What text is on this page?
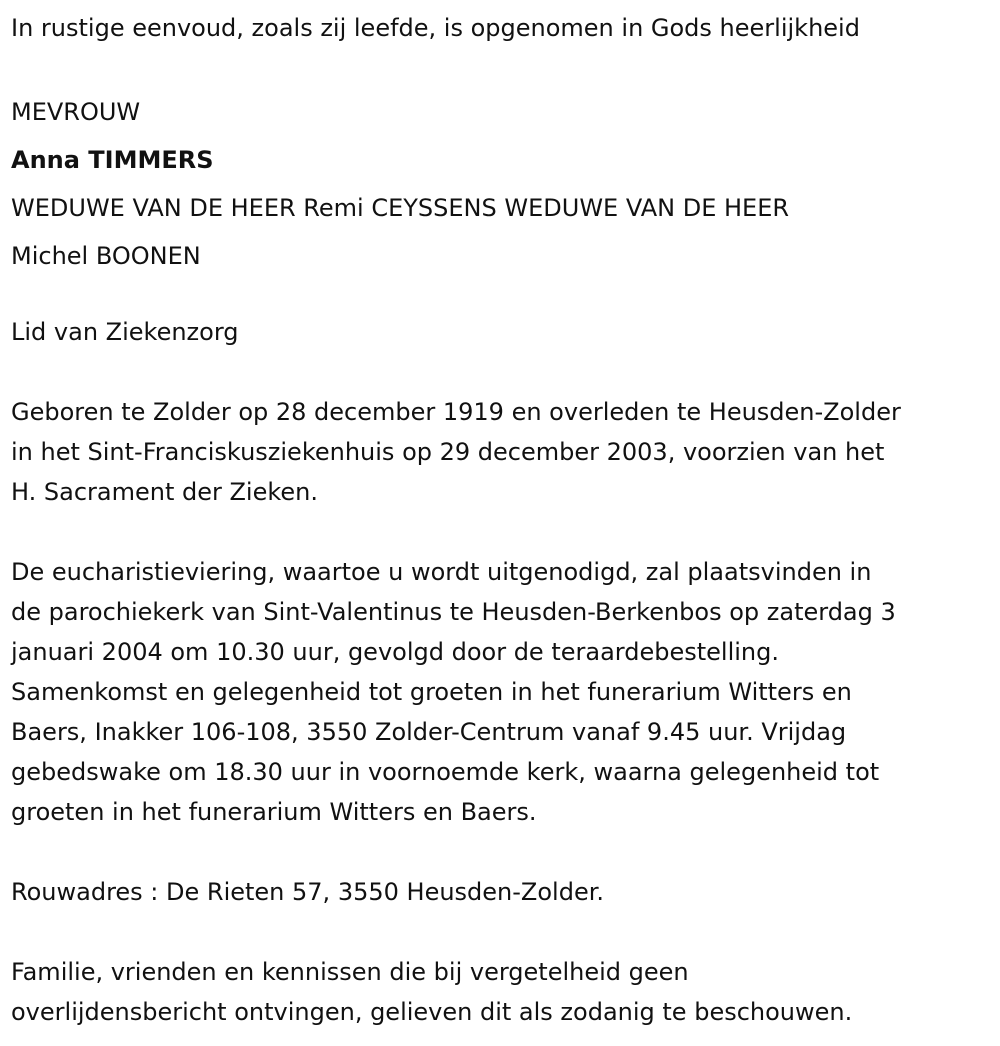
In rustige eenvoud, zoals zij leefde, is opgenomen in Gods heerlijkheid
MEVROUW
Anna TIMMERS
WEDUWE VAN DE HEER Remi CEYSSENS WEDUWE VAN DE HEER
Michel BOONEN
Lid van Ziekenzorg
Geboren te Zolder op 28 december 1919 en overleden te Heusden-Zolder
in het Sint-Franciskusziekenhuis op 29 december 2003, voorzien van het
H. Sacrament der Zieken.
De eucharistieviering, waartoe u wordt uitgenodigd, zal plaatsvinden in
de parochiekerk van Sint-Valentinus te Heusden-Berkenbos op zaterdag 3
januari 2004 om 10.30 uur, gevolgd door de teraardebestelling.
Samenkomst en gelegenheid tot groeten in het funerarium Witters en
Baers, Inakker 106-108, 3550 Zolder-Centrum vanaf 9.45 uur. Vrijdag
gebedswake om 18.30 uur in voornoemde kerk, waarna gelegenheid tot
groeten in het funerarium Witters en Baers.
Rouwadres : De Rieten 57, 3550 Heusden-Zolder.
Familie, vrienden en kennissen die bij vergetelheid geen
overlijdensbericht ontvingen, gelieven dit als zodanig te beschouwen.
